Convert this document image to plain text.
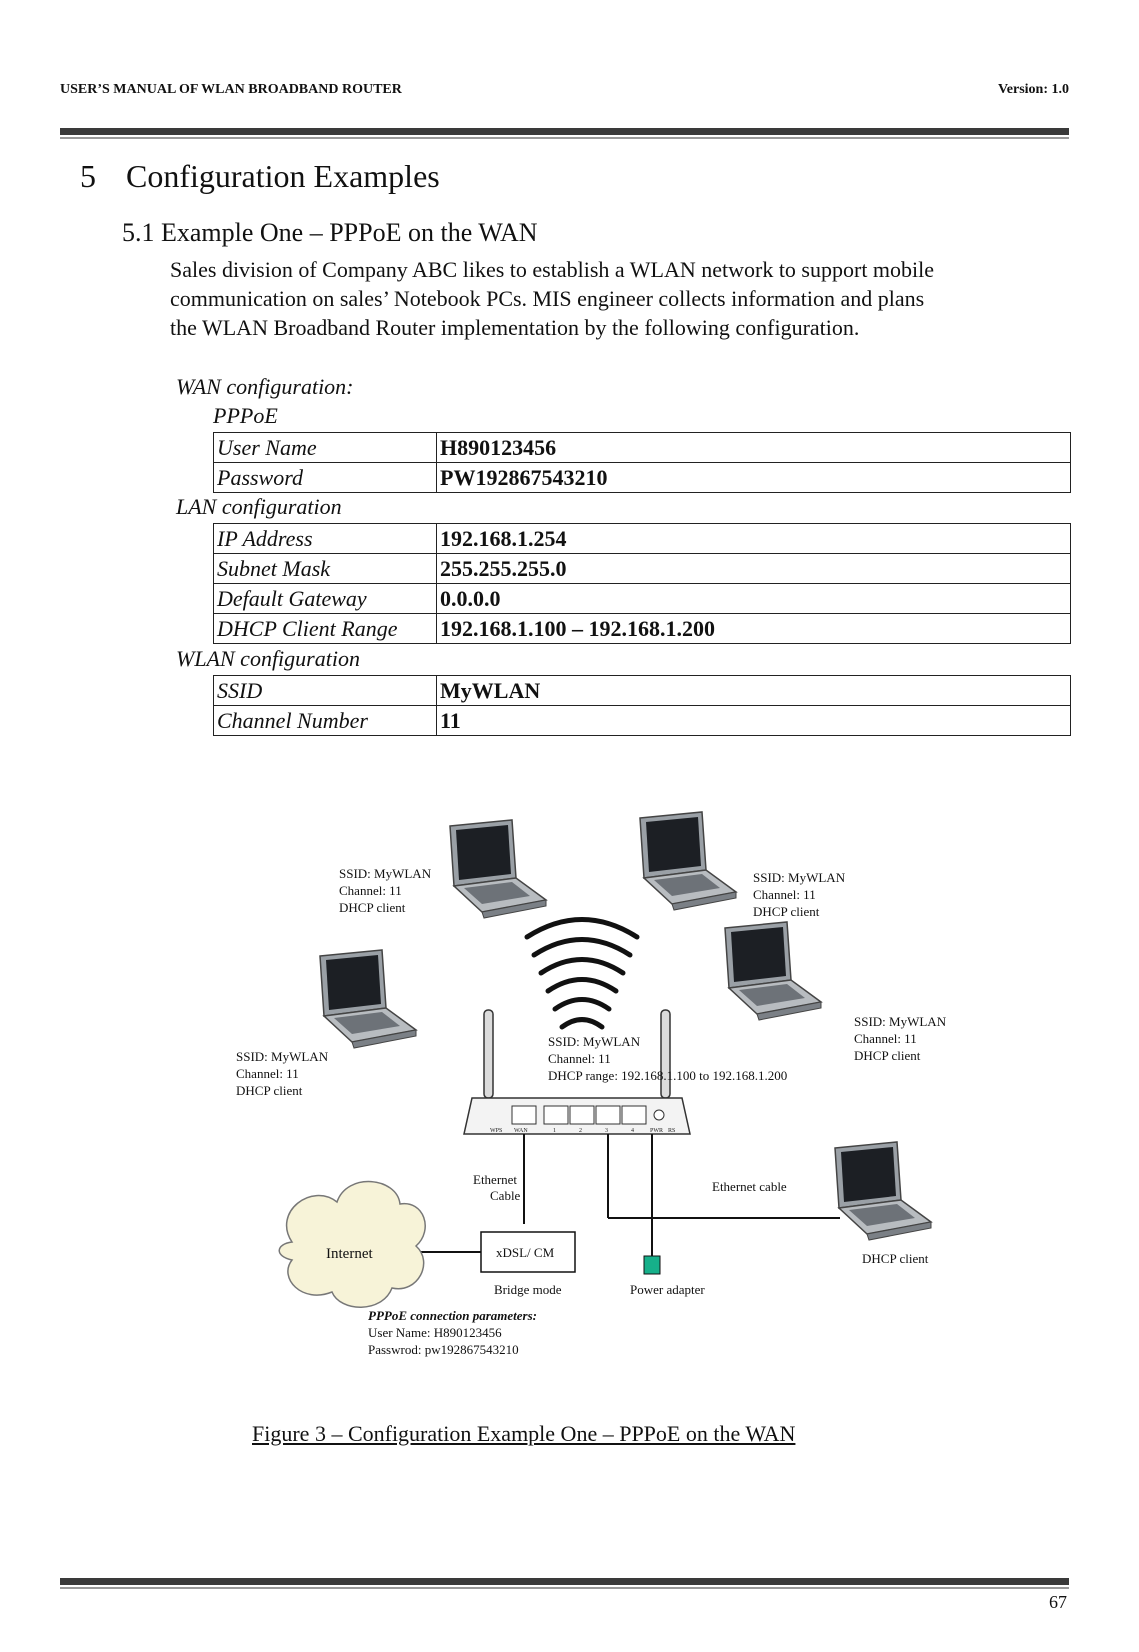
USER’S MANUAL OF WLAN BROADBAND ROUTER	Version: 1.0
5 Configuration Examples
5.1 Example One – PPPoE on the WAN

Sales division of Company ABC likes to establish a WLAN network to support mobile

communication on sales’ Notebook PCs. MIS engineer collects information and plans

the WLAN Broadband Router implementation by the following configuration.

WAN configuration:
PPPoE
User Name	H890123456
Password	PW192867543210
LAN configuration
IP Address	192.168.1.254
Subnet Mask	255.255.255.0
Default Gateway	0.0.0.0
DHCP Client Range	192.168.1.100 – 192.168.1.200
WLAN configuration
SSID	MyWLAN
Channel Number	11
SSID: MyWLAN
Channel: 11
DHCP client
SSID: MyWLAN
Channel: 11
DHCP client
SSID: MyWLAN
Channel: 11
DHCP client
SSID: MyWLAN
Channel: 11
DHCP client
WPS WAN	1	2	3	4	PWR RS
SSID: MyWLAN
Channel: 11
DHCP range: 192.168.1.100 to 192.168.1.200
Ethernet
Cable
Ethernet cable
Internet	xDSL/ CM
Bridge mode	Power adapter
DHCP client
PPPoE connection parameters:
User Name: H890123456
Passwrod: pw192867543210
Figure 3 – Configuration Example One – PPPoE on the WAN
67
